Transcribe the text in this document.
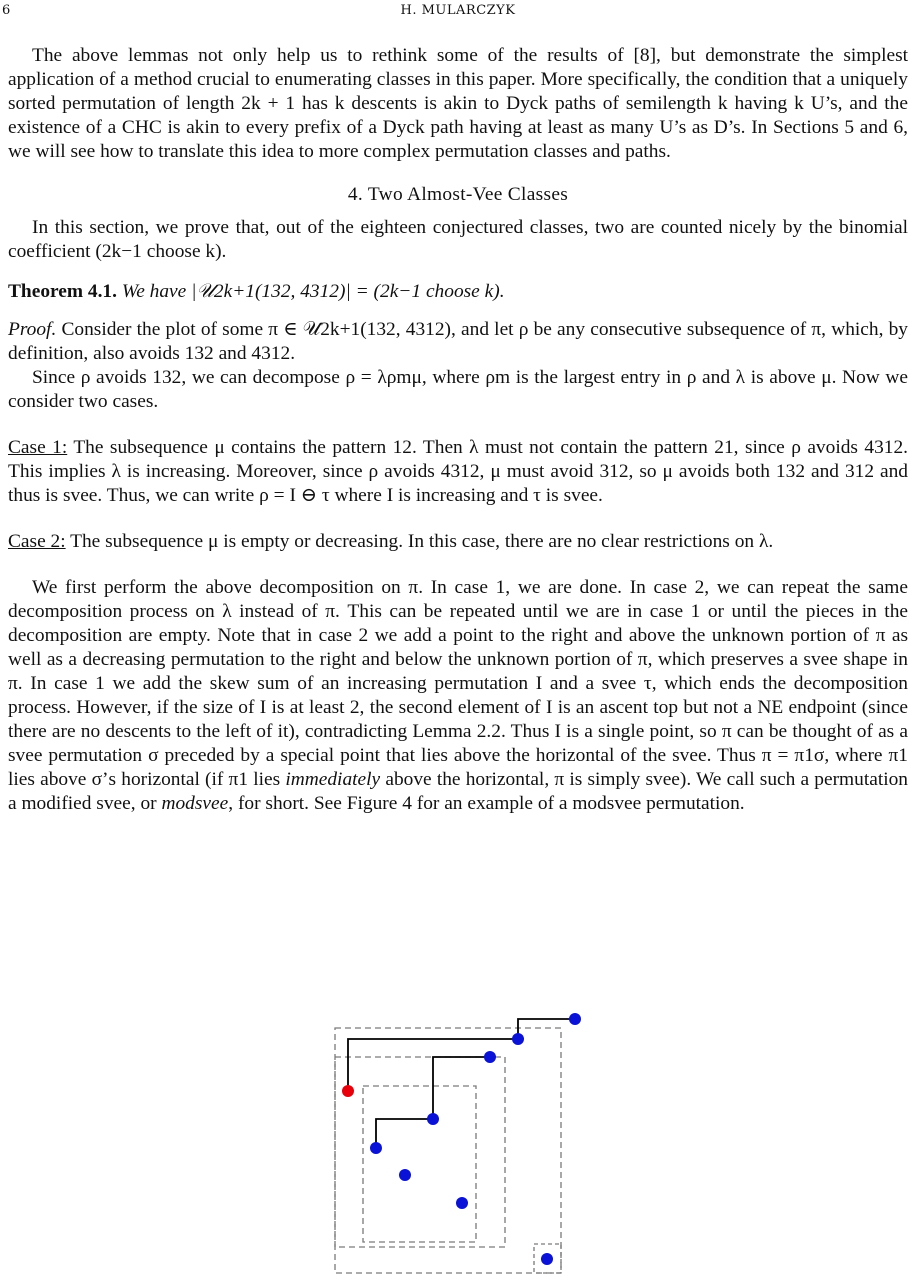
6	H. MULARCZYK

The above lemmas not only help us to rethink some of the results of [8], but demonstrate the simplest application of a method crucial to enumerating classes in this paper. More specifically, the condition that a uniquely sorted permutation of length 2k + 1 has k descents is akin to Dyck paths of semilength k having k U’s, and the existence of a CHC is akin to every prefix of a Dyck path having at least as many U’s as D’s. In Sections 5 and 6, we will see how to translate this idea to more complex permutation classes and paths.

4. Two Almost-Vee Classes

In this section, we prove that, out of the eighteen conjectured classes, two are counted nicely by the binomial coefficient (2k−1 choose k).

Theorem 4.1. We have |𝒰2k+1(132, 4312)| = (2k−1 choose k).

Proof. Consider the plot of some π ∈ 𝒰2k+1(132, 4312), and let ρ be any consecutive subsequence of π, which, by definition, also avoids 132 and 4312.

Since ρ avoids 132, we can decompose ρ = λρmμ, where ρm is the largest entry in ρ and λ is above μ. Now we consider two cases.

Case 1: The subsequence μ contains the pattern 12. Then λ must not contain the pattern 21, since ρ avoids 4312. This implies λ is increasing. Moreover, since ρ avoids 4312, μ must avoid 312, so μ avoids both 132 and 312 and thus is svee. Thus, we can write ρ = I ⊖ τ where I is increasing and τ is svee.

Case 2: The subsequence μ is empty or decreasing. In this case, there are no clear restrictions on λ.

We first perform the above decomposition on π. In case 1, we are done. In case 2, we can repeat the same decomposition process on λ instead of π. This can be repeated until we are in case 1 or until the pieces in the decomposition are empty. Note that in case 2 we add a point to the right and above the unknown portion of π as well as a decreasing permutation to the right and below the unknown portion of π, which preserves a svee shape in π. In case 1 we add the skew sum of an increasing permutation I and a svee τ, which ends the decomposition process. However, if the size of I is at least 2, the second element of I is an ascent top but not a NE endpoint (since there are no descents to the left of it), contradicting Lemma 2.2. Thus I is a single point, so π can be thought of as a svee permutation σ preceded by a special point that lies above the horizontal of the svee. Thus π = π1σ, where π1 lies above σ’s horizontal (if π1 lies immediately above the horizontal, π is simply svee). We call such a permutation a modified svee, or modsvee, for short. See Figure 4 for an example of a modsvee permutation.
